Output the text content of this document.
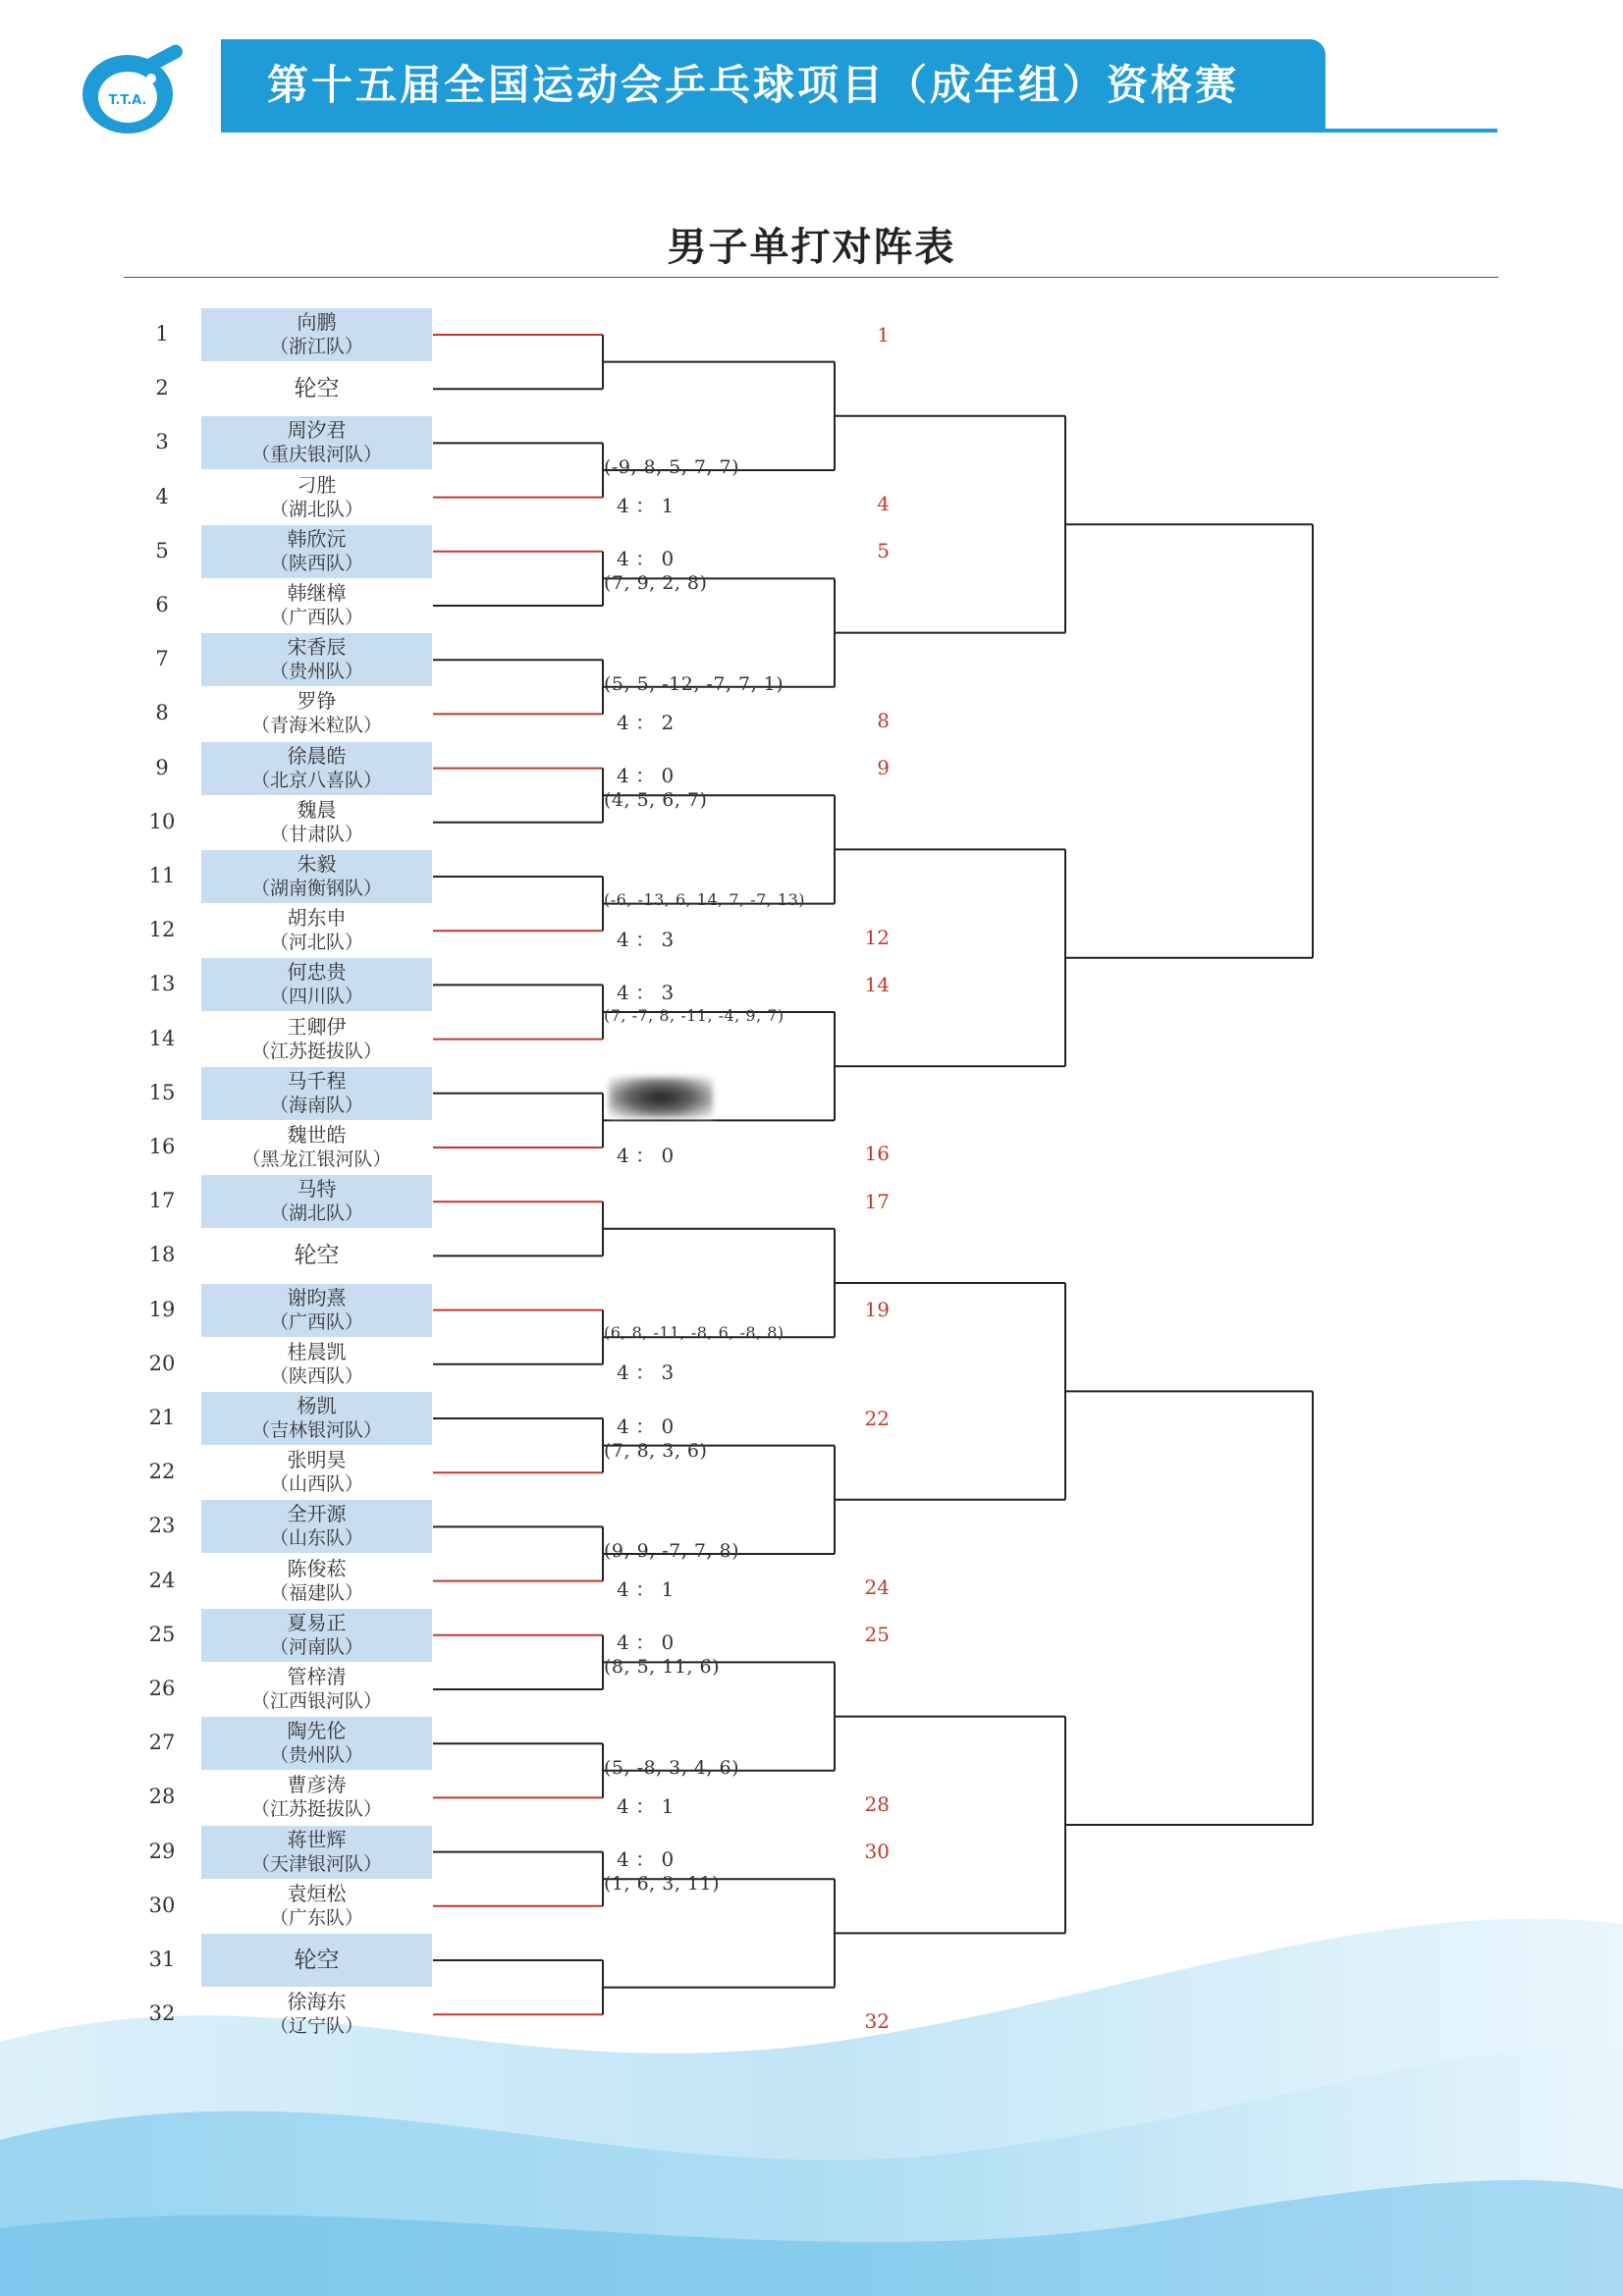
T.T.A.	第十五届全国运动会乒乓球项目（成年组）资格赛
男子单打对阵表
1	向鹏
（浙江队）
2	轮空
3	周汐君
（重庆银河队）
4	刁胜
（湖北队）
5	韩欣沅
（陕西队）
6	韩继樟
（广西队）
7	宋香辰
（贵州队）
8	罗铮
（青海米粒队）
9	徐晨皓
（北京八喜队）
10	魏晨
（甘肃队）
11	朱毅
（湖南衡钢队）
12	胡东申
（河北队）
13	何忠贵
（四川队）
14	王卿伊
（江苏挺拔队）
15	马千程
（海南队）
16	魏世皓
（黑龙江银河队）
17	马特
（湖北队）
18	轮空
19	谢昀熹
（广西队）
20	桂晨凯
（陕西队）
21	杨凯
（吉林银河队）
22	张明昊
（山西队）
23	全开源
（山东队）
24	陈俊菘
（福建队）
25	夏易正
（河南队）
26	管梓清
（江西银河队）
27	陶先伦
（贵州队）
28	曹彦涛
（江苏挺拔队）
29	蒋世辉
（天津银河队）
30	袁烜松
（广东队）
31	轮空
32	徐海东
（辽宁队）
1
4
4 ： 1
(-9, 8, 5, 7, 7)
5
4 ： 0
(7, 9, 2, 8)
8
4 ： 2
(5, 5, -12, -7, 7, 1)
9
4 ： 0
(4, 5, 6, 7)
12
4 ： 3
(-6, -13, 6, 14, 7, -7, 13)
14
4 ： 3
(7, -7, 8, -11, -4, 9, 7)
16
4 ： 0
17
19
4 ： 3
(6, 8, -11, -8, 6, -8, 8)
22
4 ： 0
(7, 8, 3, 6)
24
4 ： 1
(9, 9, -7, 7, 8)
25
4 ： 0
(8, 5, 11, 6)
28
4 ： 1
(5, -8, 3, 4, 6)
30
4 ： 0
(1, 6, 3, 11)
32
